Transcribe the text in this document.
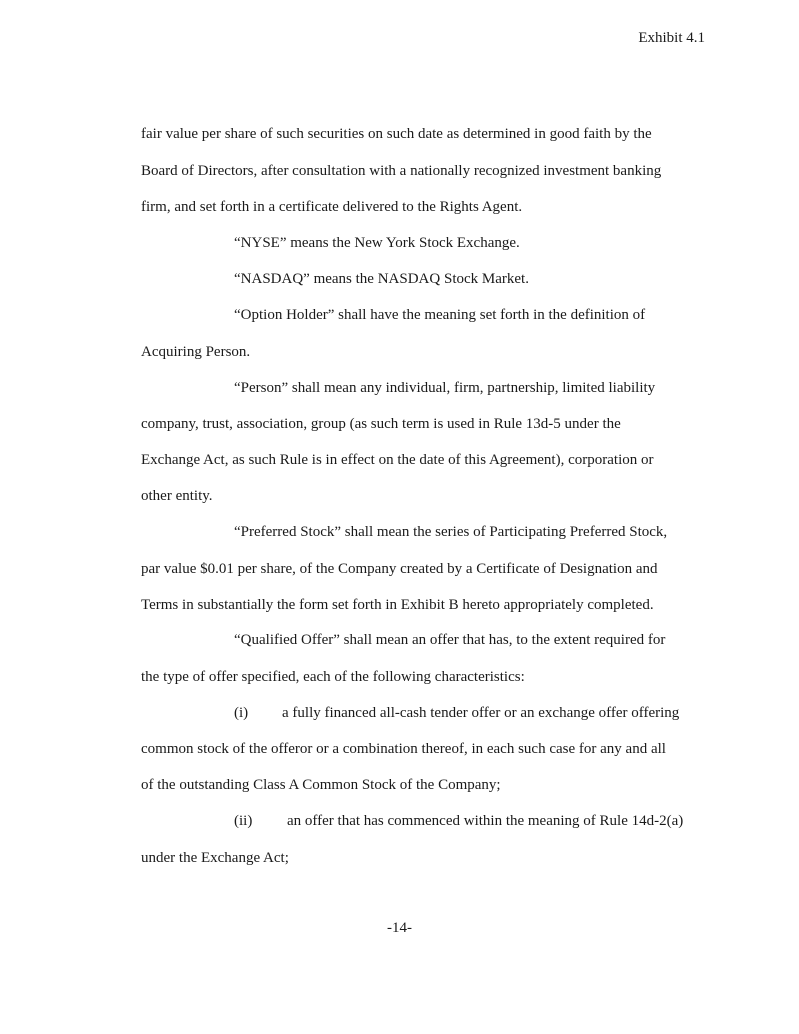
Exhibit 4.1
fair value per share of such securities on such date as determined in good faith by the
Board of Directors, after consultation with a nationally recognized investment banking
firm, and set forth in a certificate delivered to the Rights Agent.
“NYSE” means the New York Stock Exchange.
“NASDAQ” means the NASDAQ Stock Market.
“Option Holder” shall have the meaning set forth in the definition of
Acquiring Person.
“Person” shall mean any individual, firm, partnership, limited liability
company, trust, association, group (as such term is used in Rule 13d-5 under the
Exchange Act, as such Rule is in effect on the date of this Agreement), corporation or
other entity.
“Preferred Stock” shall mean the series of Participating Preferred Stock,
par value $0.01 per share, of the Company created by a Certificate of Designation and
Terms in substantially the form set forth in Exhibit B hereto appropriately completed.
“Qualified Offer” shall mean an offer that has, to the extent required for
the type of offer specified, each of the following characteristics:
(i) a fully financed all-cash tender offer or an exchange offer offering
common stock of the offeror or a combination thereof, in each such case for any and all
of the outstanding Class A Common Stock of the Company;
(ii) an offer that has commenced within the meaning of Rule 14d-2(a)
under the Exchange Act;
-14-
